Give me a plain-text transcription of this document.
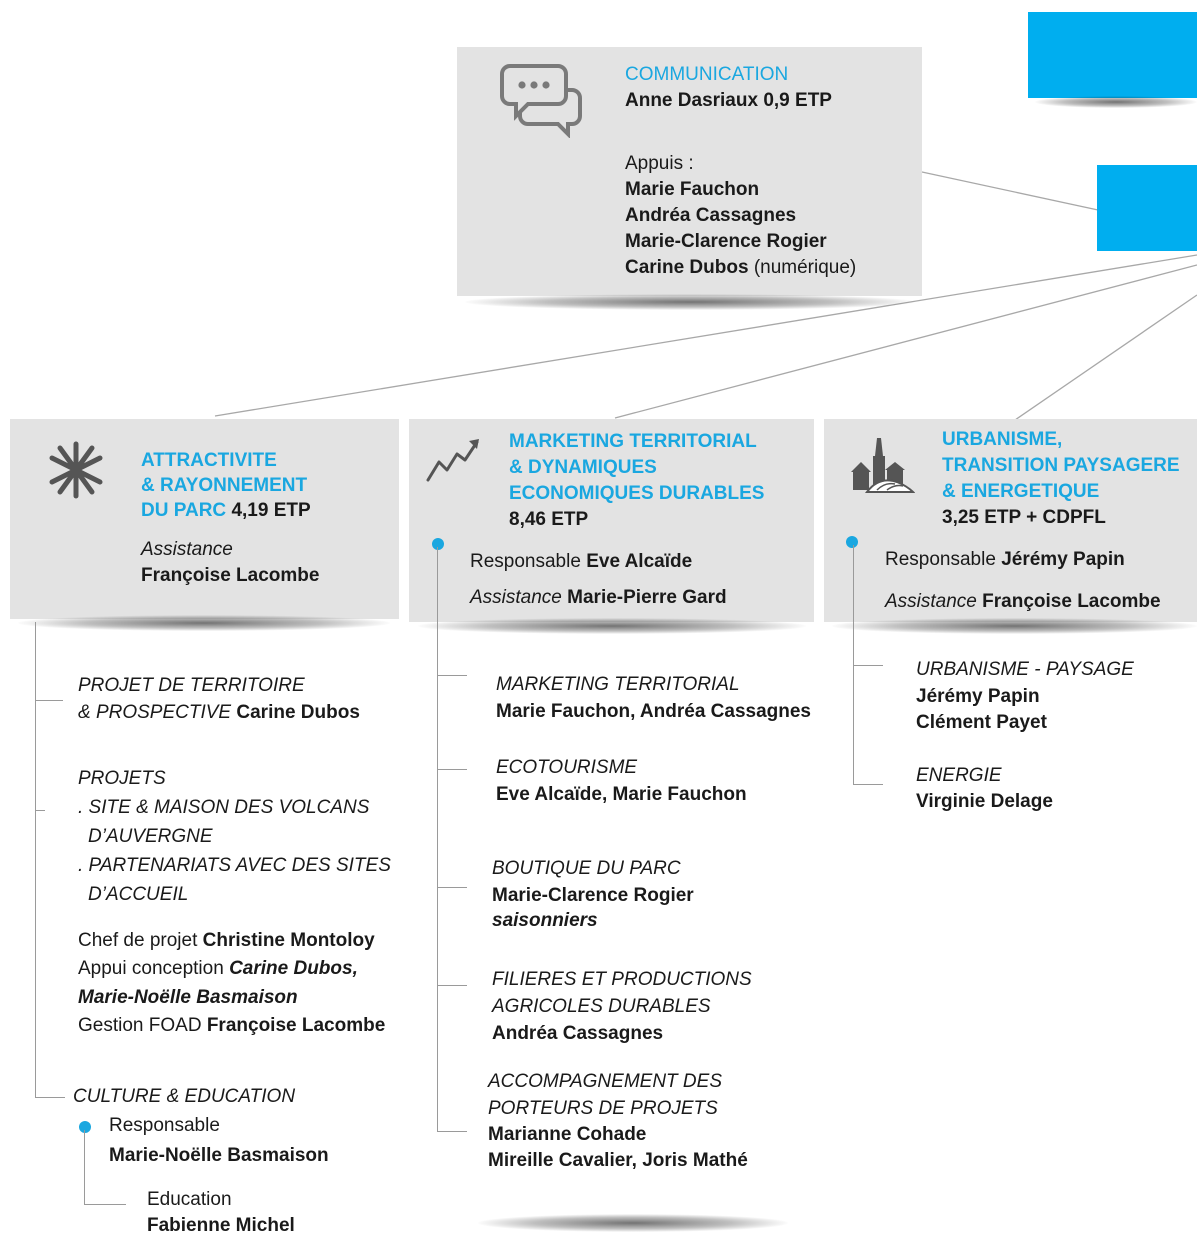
COMMUNICATION
Anne Dasriaux 0,9 ETP
Appuis :
Marie Fauchon
Andréa Cassagnes
Marie-Clarence Rogier
Carine Dubos (numérique)
ATTRACTIVITE
& RAYONNEMENT
DU PARC 4,19 ETP
Assistance
Françoise Lacombe
PROJET DE TERRITOIRE
& PROSPECTIVE Carine Dubos
PROJETS
. SITE & MAISON DES VOLCANS
D’AUVERGNE
. PARTENARIATS AVEC DES SITES
D’ACCUEIL
Chef de projet Christine Montoloy
Appui conception Carine Dubos,
Marie-Noëlle Basmaison
Gestion FOAD Françoise Lacombe
CULTURE & EDUCATION
Responsable
Marie-Noëlle Basmaison
Education
Fabienne Michel
MARKETING TERRITORIAL
& DYNAMIQUES
ECONOMIQUES DURABLES
8,46 ETP
Responsable Eve Alcaïde
Assistance Marie-Pierre Gard
MARKETING TERRITORIAL
Marie Fauchon, Andréa Cassagnes
ECOTOURISME
Eve Alcaïde, Marie Fauchon
BOUTIQUE DU PARC
Marie-Clarence Rogier
saisonniers
FILIERES ET PRODUCTIONS
AGRICOLES DURABLES
Andréa Cassagnes
ACCOMPAGNEMENT DES
PORTEURS DE PROJETS
Marianne Cohade
Mireille Cavalier, Joris Mathé
URBANISME,
TRANSITION PAYSAGERE
& ENERGETIQUE
3,25 ETP + CDPFL
Responsable Jérémy Papin
Assistance Françoise Lacombe
URBANISME - PAYSAGE
Jérémy Papin
Clément Payet
ENERGIE
Virginie Delage
